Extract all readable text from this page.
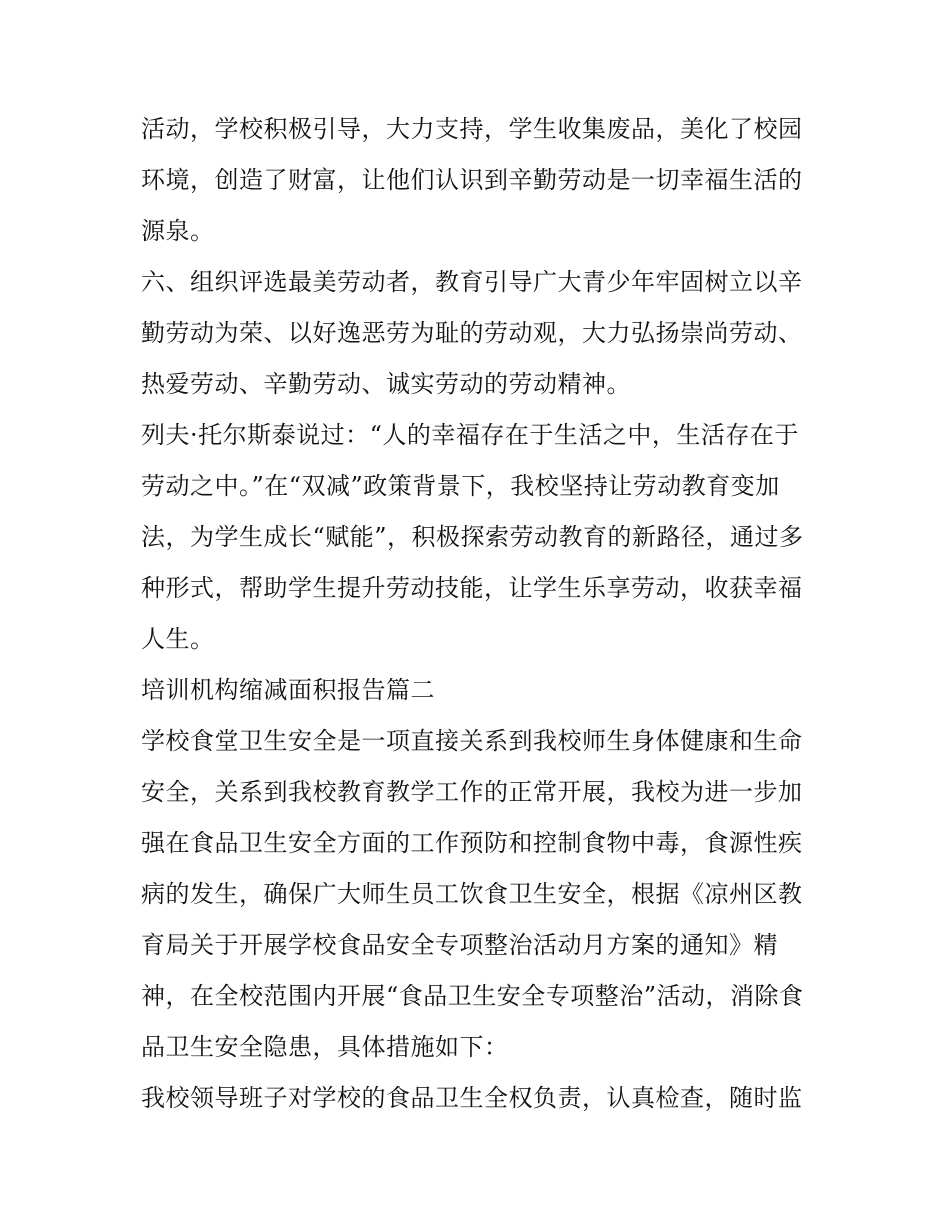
活动，学校积极引导，大力支持，学生收集废品，美化了校园
环境，创造了财富，让他们认识到辛勤劳动是一切幸福生活的
源泉。
六、组织评选最美劳动者，教育引导广大青少年牢固树立以辛
勤劳动为荣、以好逸恶劳为耻的劳动观，大力弘扬崇尚劳动、
热爱劳动、辛勤劳动、诚实劳动的劳动精神。
列夫·托尔斯泰说过：“人的幸福存在于生活之中，生活存在于
劳动之中。”在“双减”政策背景下，我校坚持让劳动教育变加
法，为学生成长“赋能”，积极探索劳动教育的新路径，通过多
种形式，帮助学生提升劳动技能，让学生乐享劳动，收获幸福
人生。
培训机构缩减面积报告篇二
学校食堂卫生安全是一项直接关系到我校师生身体健康和生命
安全，关系到我校教育教学工作的正常开展，我校为进一步加
强在食品卫生安全方面的工作预防和控制食物中毒，食源性疾
病的发生，确保广大师生员工饮食卫生安全，根据《凉州区教
育局关于开展学校食品安全专项整治活动月方案的通知》精
神，在全校范围内开展“食品卫生安全专项整治”活动，消除食
品卫生安全隐患，具体措施如下：
我校领导班子对学校的食品卫生全权负责，认真检查，随时监
